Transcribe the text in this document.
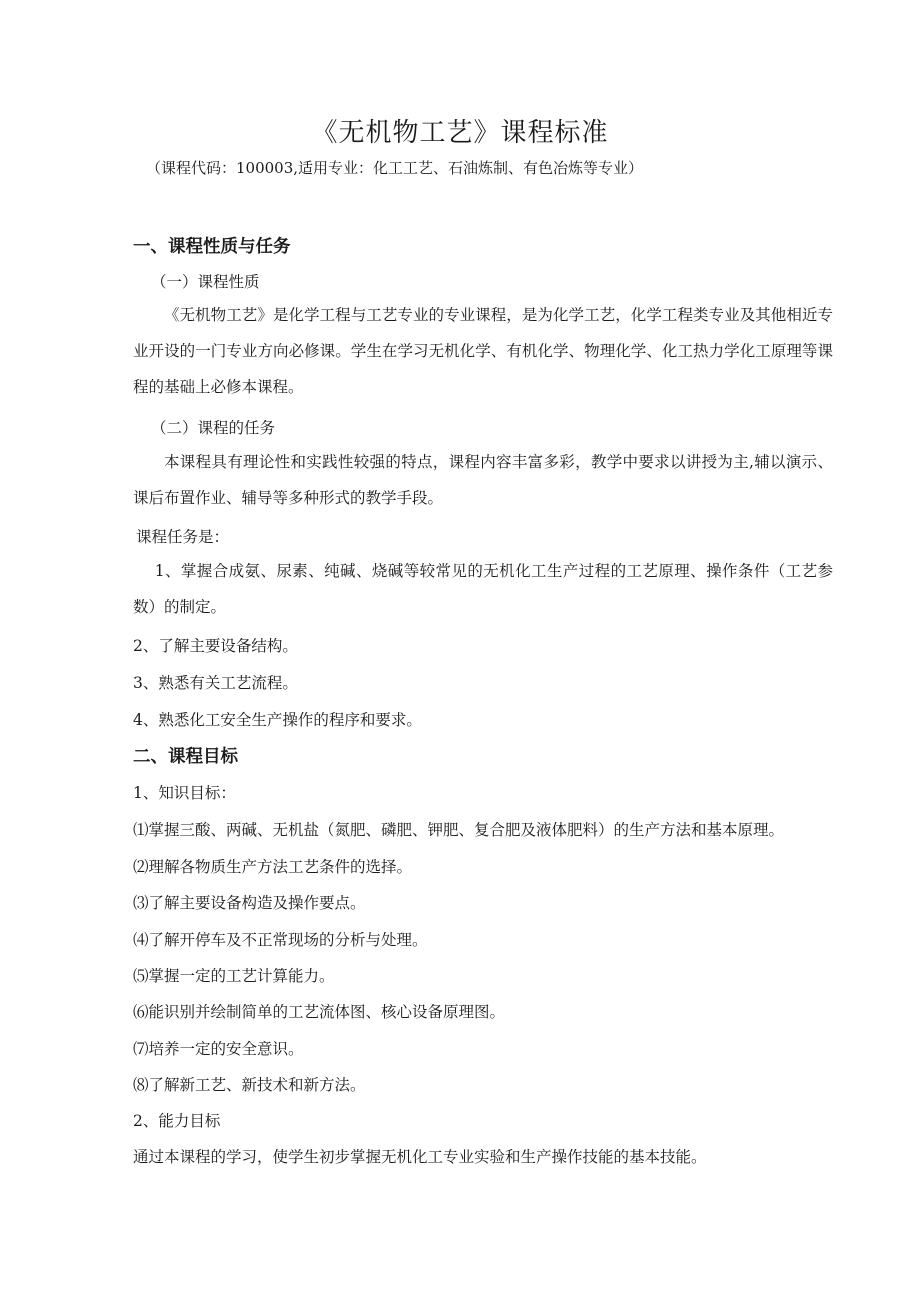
《无机物工艺》课程标准

（课程代码：100003,适用专业：化工工艺、石油炼制、有色冶炼等专业）

一、课程性质与任务

（一）课程性质

《无机物工艺》是化学工程与工艺专业的专业课程，是为化学工艺，化学工程类专业及其他相近专业开设的一门专业方向必修课。学生在学习无机化学、有机化学、物理化学、化工热力学化工原理等课程的基础上必修本课程。

（二）课程的任务

本课程具有理论性和实践性较强的特点，课程内容丰富多彩，教学中要求以讲授为主,辅以演示、课后布置作业、辅导等多种形式的教学手段。

课程任务是：

1、掌握合成氨、尿素、纯碱、烧碱等较常见的无机化工生产过程的工艺原理、操作条件（工艺参数）的制定。

2、了解主要设备结构。

3、熟悉有关工艺流程。

4、熟悉化工安全生产操作的程序和要求。

二、课程目标

1、知识目标：

⑴掌握三酸、两碱、无机盐（氮肥、磷肥、钾肥、复合肥及液体肥料）的生产方法和基本原理。

⑵理解各物质生产方法工艺条件的选择。

⑶了解主要设备构造及操作要点。

⑷了解开停车及不正常现场的分析与处理。

⑸掌握一定的工艺计算能力。

⑹能识别并绘制简单的工艺流体图、核心设备原理图。

⑺培养一定的安全意识。

⑻了解新工艺、新技术和新方法。

2、能力目标

通过本课程的学习，使学生初步掌握无机化工专业实验和生产操作技能的基本技能。
